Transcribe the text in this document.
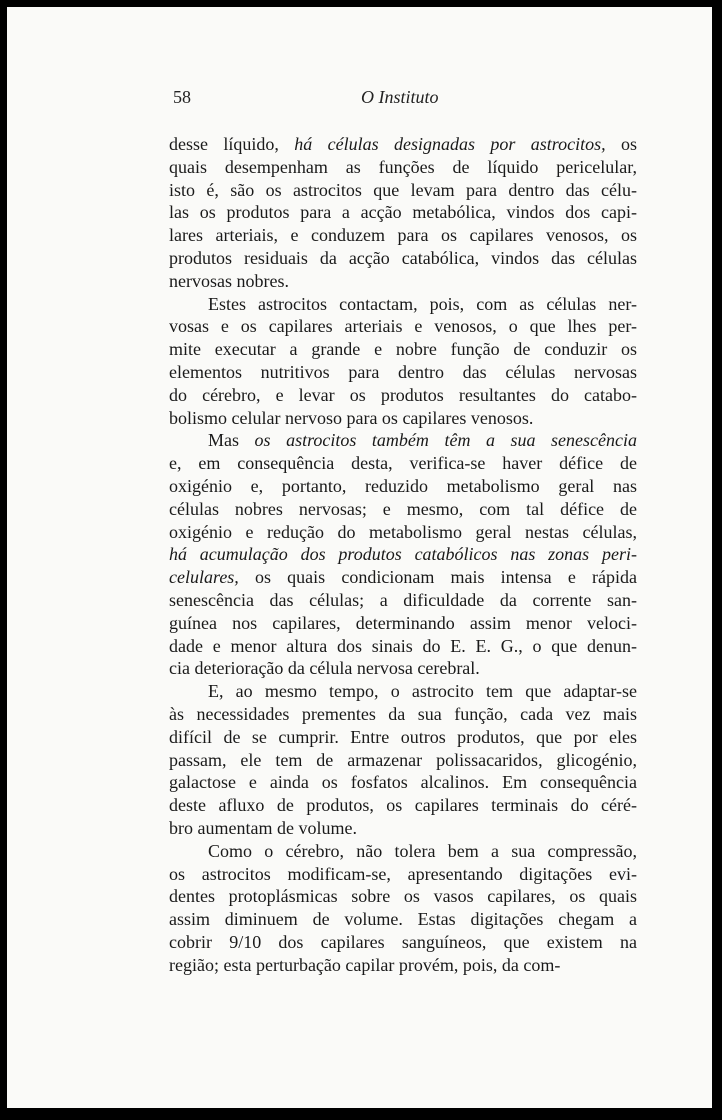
58	O Instituto
desse líquido, há células designadas por astrocitos, os
quais desempenham as funções de líquido pericelular,
isto é, são os astrocitos que levam para dentro das célu-
las os produtos para a acção metabólica, vindos dos capi-
lares arteriais, e conduzem para os capilares venosos, os
produtos residuais da acção catabólica, vindos das células
nervosas nobres.
Estes astrocitos contactam, pois, com as células ner-
vosas e os capilares arteriais e venosos, o que lhes per-
mite executar a grande e nobre função de conduzir os
elementos nutritivos para dentro das células nervosas
do cérebro, e levar os produtos resultantes do catabo-
bolismo celular nervoso para os capilares venosos.
Mas os astrocitos também têm a sua senescência
e, em consequência desta, verifica-se haver défice de
oxigénio e, portanto, reduzido metabolismo geral nas
células nobres nervosas; e mesmo, com tal défice de
oxigénio e redução do metabolismo geral nestas células,
há acumulação dos produtos catabólicos nas zonas peri-
celulares, os quais condicionam mais intensa e rápida
senescência das células; a dificuldade da corrente san-
guínea nos capilares, determinando assim menor veloci-
dade e menor altura dos sinais do E. E. G., o que denun-
cia deterioração da célula nervosa cerebral.
E, ao mesmo tempo, o astrocito tem que adaptar-se
às necessidades prementes da sua função, cada vez mais
difícil de se cumprir. Entre outros produtos, que por eles
passam, ele tem de armazenar polissacaridos, glicogénio,
galactose e ainda os fosfatos alcalinos. Em consequência
deste afluxo de produtos, os capilares terminais do céré-
bro aumentam de volume.
Como o cérebro, não tolera bem a sua compressão,
os astrocitos modificam-se, apresentando digitações evi-
dentes protoplásmicas sobre os vasos capilares, os quais
assim diminuem de volume. Estas digitações chegam a
cobrir 9/10 dos capilares sanguíneos, que existem na
região; esta perturbação capilar provém, pois, da com-
